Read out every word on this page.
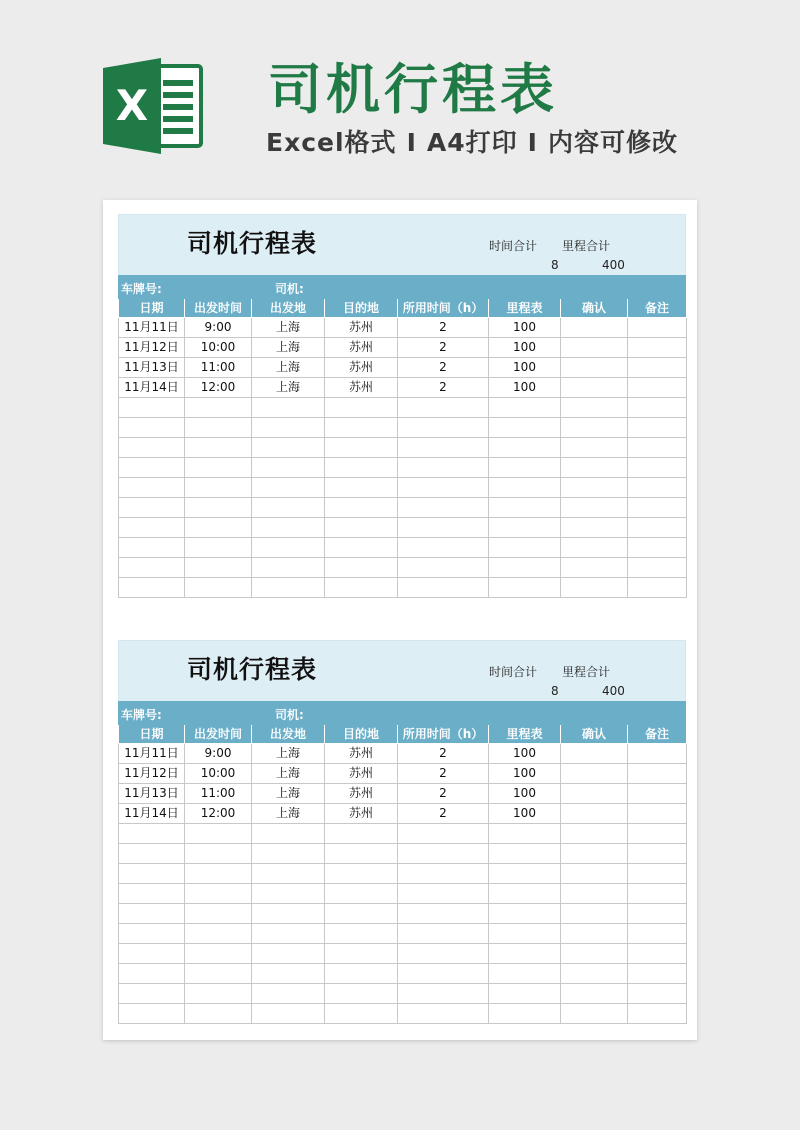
X 司机行程表
Excel格式 I A4打印 I 内容可修改
司机行程表	时间合计 里程合计
8	400
车牌号:	司机:
日期	出发时间	出发地	目的地	所用时间（h）	里程表	确认	备注
11月11日	9:00	上海	苏州	2	100		
11月12日	10:00	上海	苏州	2	100		
11月13日	11:00	上海	苏州	2	100		
11月14日	12:00	上海	苏州	2	100		

司机行程表	时间合计 里程合计
8	400
车牌号:	司机:
日期	出发时间	出发地	目的地	所用时间（h）	里程表	确认	备注
11月11日	9:00	上海	苏州	2	100		
11月12日	10:00	上海	苏州	2	100		
11月13日	11:00	上海	苏州	2	100		
11月14日	12:00	上海	苏州	2	100		
